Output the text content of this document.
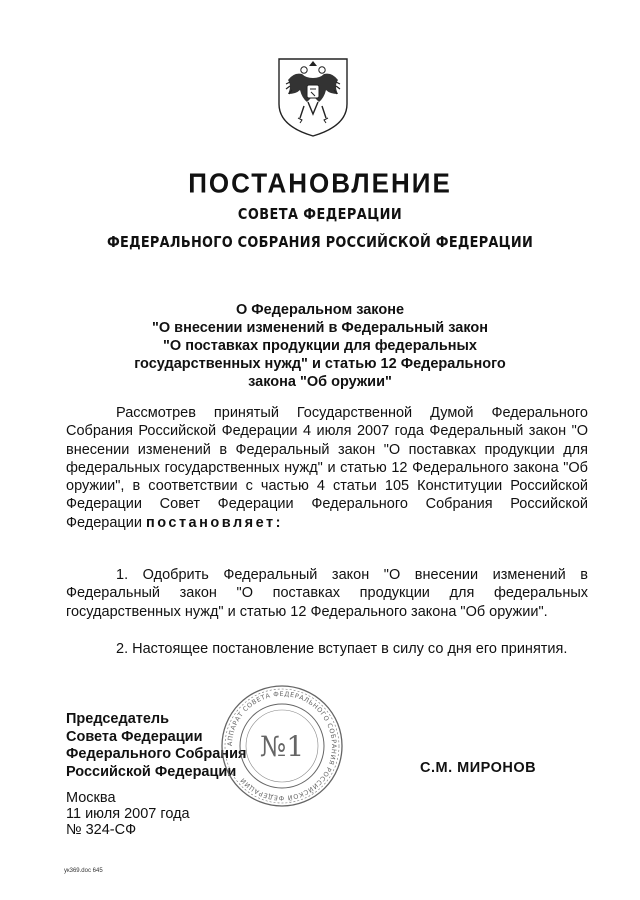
ПОСТАНОВЛЕНИЕ
СОВЕТА ФЕДЕРАЦИИ
ФЕДЕРАЛЬНОГО СОБРАНИЯ РОССИЙСКОЙ ФЕДЕРАЦИИ
О Федеральном законе
"О внесении изменений в Федеральный закон
"О поставках продукции для федеральных
государственных нужд" и статью 12 Федерального
закона "Об оружии"
Рассмотрев принятый Государственной Думой Федерального Собрания Российской Федерации 4 июля 2007 года Федеральный закон "О внесении изменений в Федеральный закон "О поставках продукции для федеральных государственных нужд" и статью 12 Федерального закона "Об оружии", в соответствии с частью 4 статьи 105 Конституции Российской Федерации Совет Федерации Федерального Собрания Российской Федерации постановляет:
1. Одобрить Федеральный закон "О внесении изменений в Федеральный закон "О поставках продукции для федеральных государственных нужд" и статью 12 Федерального закона "Об оружии".
2. Настоящее постановление вступает в силу со дня его принятия.
Председатель
Совета Федерации
Федерального Собрания
Российской Федерации
АППАРАТ СОВЕТА ФЕДЕРАЛЬНОГО СОБРАНИЯ РОССИЙСКОЙ ФЕДЕРАЦИИ
№1
С.М. МИРОНОВ
Москва
11 июля 2007 года
№ 324-СФ
ук369.doc 645
